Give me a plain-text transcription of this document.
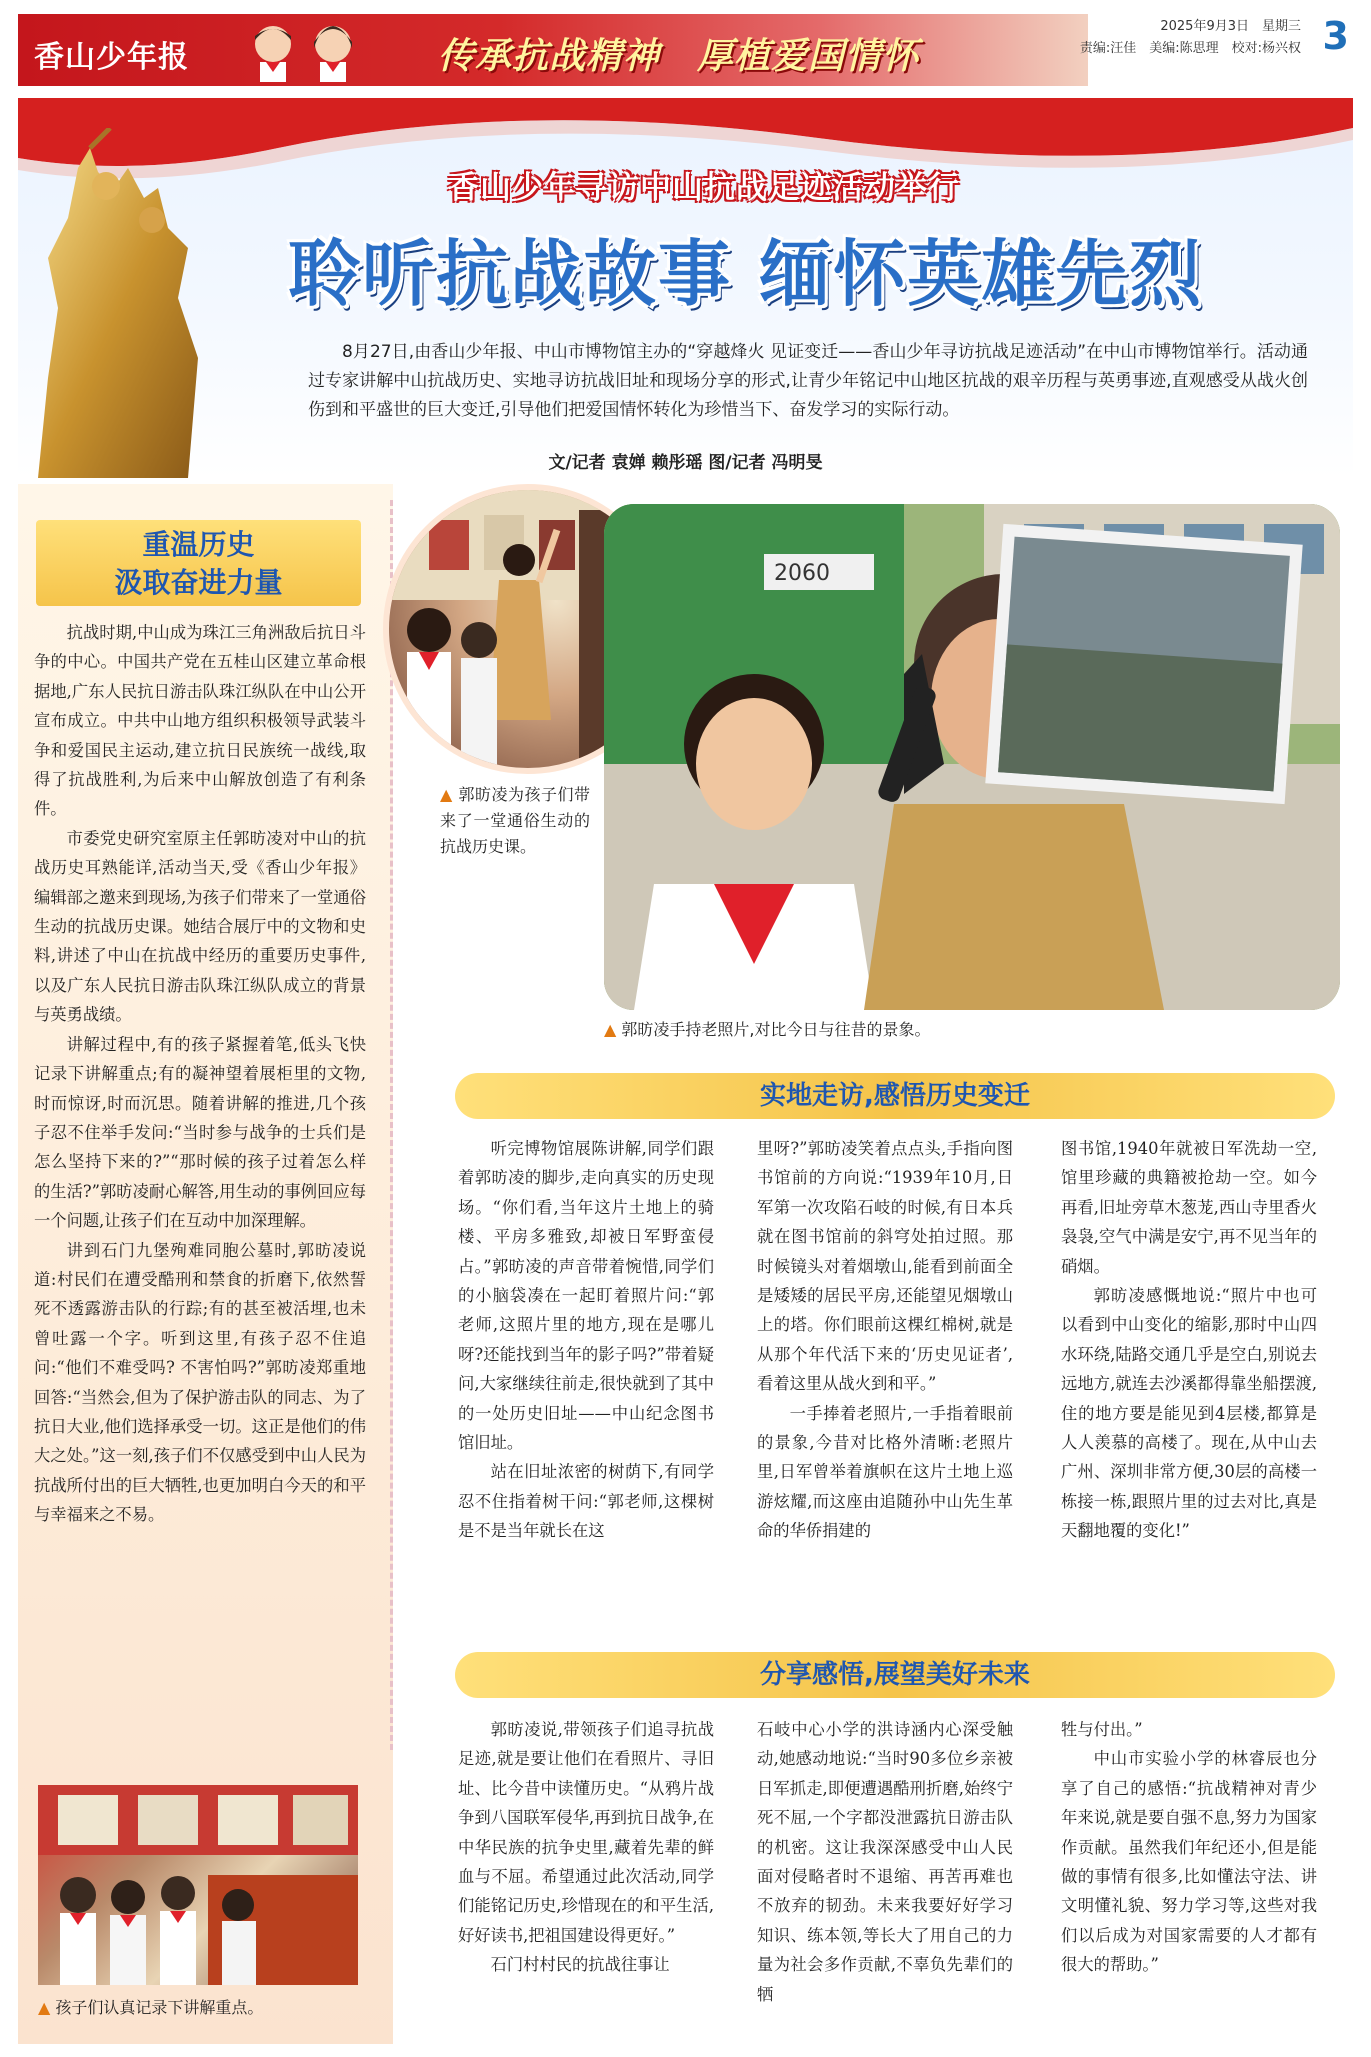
香山少年报	传承抗战精神　厚植爱国情怀
2025年9月3日　星期三
责编:汪佳　美编:陈思理　校对:杨兴权 3
香山少年寻访中山抗战足迹活动举行
聆听抗战故事 缅怀英雄先烈
8月27日,由香山少年报、中山市博物馆主办的“穿越烽火 见证变迁——香山少年寻访抗战足迹活动”在中山市博物馆举行。活动通过专家讲解中山抗战历史、实地寻访抗战旧址和现场分享的形式,让青少年铭记中山地区抗战的艰辛历程与英勇事迹,直观感受从战火创伤到和平盛世的巨大变迁,引导他们把爱国情怀转化为珍惜当下、奋发学习的实际行动。
文/记者 袁婵 赖彤瑶 图/记者 冯明旻
重温历史
汲取奋进力量

抗战时期,中山成为珠江三角洲敌后抗日斗争的中心。中国共产党在五桂山区建立革命根据地,广东人民抗日游击队珠江纵队在中山公开宣布成立。中共中山地方组织积极领导武装斗争和爱国民主运动,建立抗日民族统一战线,取得了抗战胜利,为后来中山解放创造了有利条件。

市委党史研究室原主任郭昉凌对中山的抗战历史耳熟能详,活动当天,受《香山少年报》编辑部之邀来到现场,为孩子们带来了一堂通俗生动的抗战历史课。她结合展厅中的文物和史料,讲述了中山在抗战中经历的重要历史事件,以及广东人民抗日游击队珠江纵队成立的背景与英勇战绩。

讲解过程中,有的孩子紧握着笔,低头飞快记录下讲解重点;有的凝神望着展柜里的文物,时而惊讶,时而沉思。随着讲解的推进,几个孩子忍不住举手发问:“当时参与战争的士兵们是怎么坚持下来的?”“那时候的孩子过着怎么样的生活?”郭昉凌耐心解答,用生动的事例回应每一个问题,让孩子们在互动中加深理解。

讲到石门九堡殉难同胞公墓时,郭昉凌说道:村民们在遭受酷刑和禁食的折磨下,依然誓死不透露游击队的行踪;有的甚至被活埋,也未曾吐露一个字。听到这里,有孩子忍不住追问:“他们不难受吗? 不害怕吗?”郭昉凌郑重地回答:“当然会,但为了保护游击队的同志、为了抗日大业,他们选择承受一切。这正是他们的伟大之处。”这一刻,孩子们不仅感受到中山人民为抗战所付出的巨大牺牲,也更加明白今天的和平与幸福来之不易。

▲ 孩子们认真记录下讲解重点。
▲ 郭昉凌为孩子们带来了一堂通俗生动的抗战历史课。
2060
▲ 郭昉凌手持老照片,对比今日与往昔的景象。
实地走访,感悟历史变迁

听完博物馆展陈讲解,同学们跟着郭昉凌的脚步,走向真实的历史现场。“你们看,当年这片土地上的骑楼、平房多雅致,却被日军野蛮侵占。”郭昉凌的声音带着惋惜,同学们的小脑袋凑在一起盯着照片问:“郭老师,这照片里的地方,现在是哪儿呀?还能找到当年的影子吗?”带着疑问,大家继续往前走,很快就到了其中的一处历史旧址——中山纪念图书馆旧址。

站在旧址浓密的树荫下,有同学忍不住指着树干问:“郭老师,这棵树是不是当年就长在这

里呀?”郭昉凌笑着点点头,手指向图书馆前的方向说:“1939年10月,日军第一次攻陷石岐的时候,有日本兵就在图书馆前的斜穹处拍过照。那时候镜头对着烟墩山,能看到前面全是矮矮的居民平房,还能望见烟墩山上的塔。你们眼前这棵红棉树,就是从那个年代活下来的‘历史见证者’,看着这里从战火到和平。”

一手捧着老照片,一手指着眼前的景象,今昔对比格外清晰:老照片里,日军曾举着旗帜在这片土地上巡游炫耀,而这座由追随孙中山先生革命的华侨捐建的

图书馆,1940年就被日军洗劫一空,馆里珍藏的典籍被抢劫一空。如今再看,旧址旁草木葱茏,西山寺里香火袅袅,空气中满是安宁,再不见当年的硝烟。

郭昉凌感慨地说:“照片中也可以看到中山变化的缩影,那时中山四水环绕,陆路交通几乎是空白,别说去远地方,就连去沙溪都得靠坐船摆渡,住的地方要是能见到4层楼,都算是人人羡慕的高楼了。现在,从中山去广州、深圳非常方便,30层的高楼一栋接一栋,跟照片里的过去对比,真是天翻地覆的变化!”

分享感悟,展望美好未来

郭昉凌说,带领孩子们追寻抗战足迹,就是要让他们在看照片、寻旧址、比今昔中读懂历史。“从鸦片战争到八国联军侵华,再到抗日战争,在中华民族的抗争史里,藏着先辈的鲜血与不屈。希望通过此次活动,同学们能铭记历史,珍惜现在的和平生活,好好读书,把祖国建设得更好。”

石门村村民的抗战往事让

石岐中心小学的洪诗涵内心深受触动,她感动地说:“当时90多位乡亲被日军抓走,即便遭遇酷刑折磨,始终宁死不屈,一个字都没泄露抗日游击队的机密。这让我深深感受中山人民面对侵略者时不退缩、再苦再难也不放弃的韧劲。未来我要好好学习知识、练本领,等长大了用自己的力量为社会多作贡献,不辜负先辈们的牺

牲与付出。”

中山市实验小学的林睿辰也分享了自己的感悟:“抗战精神对青少年来说,就是要自强不息,努力为国家作贡献。虽然我们年纪还小,但是能做的事情有很多,比如懂法守法、讲文明懂礼貌、努力学习等,这些对我们以后成为对国家需要的人才都有很大的帮助。”
